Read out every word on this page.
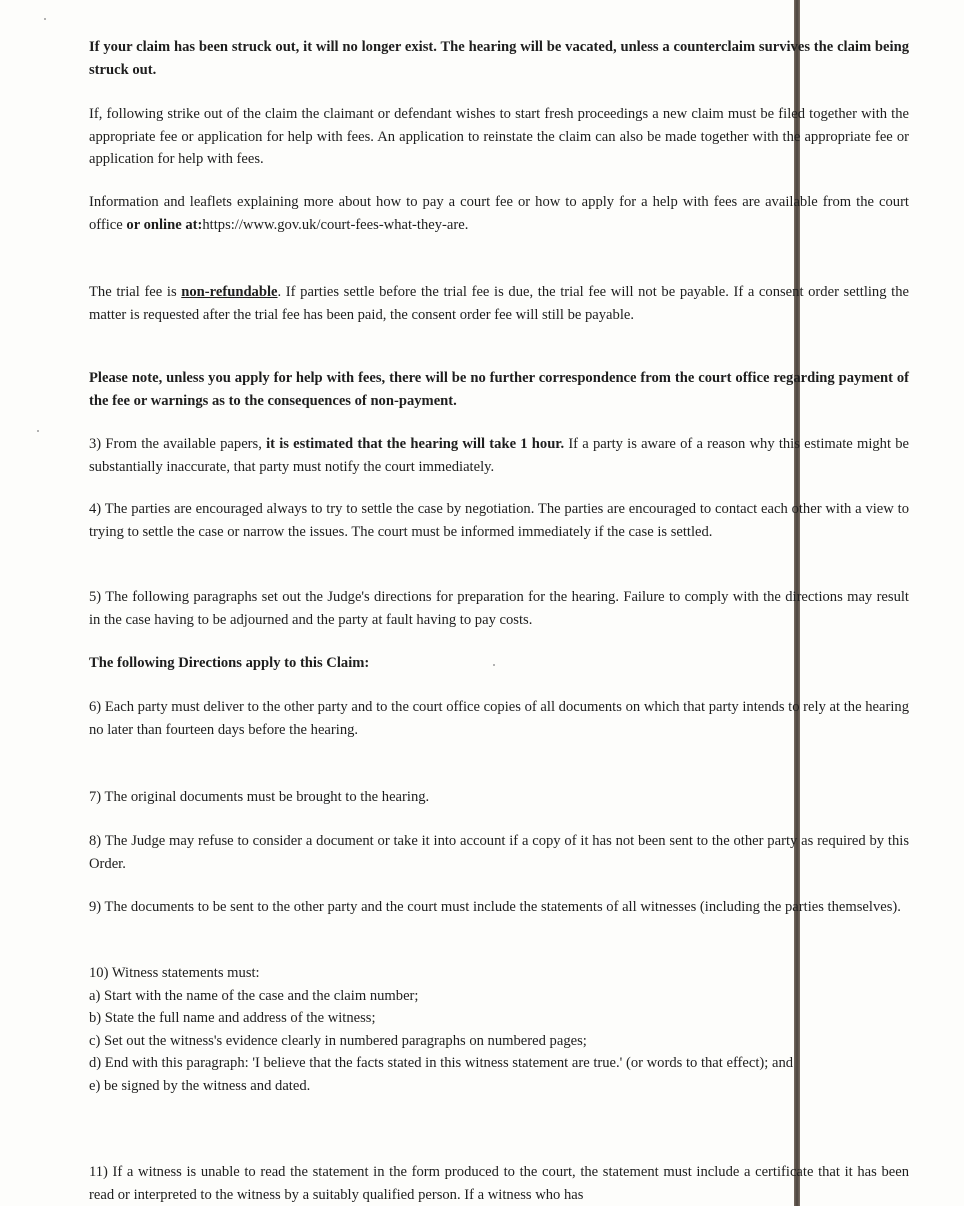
If your claim has been struck out, it will no longer exist. The hearing will be vacated, unless a counterclaim survives the claim being struck out.

If, following strike out of the claim the claimant or defendant wishes to start fresh proceedings a new claim must be filed together with the appropriate fee or application for help with fees. An application to reinstate the claim can also be made together with the appropriate fee or application for help with fees.

Information and leaflets explaining more about how to pay a court fee or how to apply for a help with fees are available from the court office or online at:https://www.gov.uk/court-fees-what-they-are.

The trial fee is non-refundable. If parties settle before the trial fee is due, the trial fee will not be payable. If a consent order settling the matter is requested after the trial fee has been paid, the consent order fee will still be payable.

Please note, unless you apply for help with fees, there will be no further correspondence from the court office regarding payment of the fee or warnings as to the consequences of non-payment.

3) From the available papers, it is estimated that the hearing will take 1 hour. If a party is aware of a reason why this estimate might be substantially inaccurate, that party must notify the court immediately.

4) The parties are encouraged always to try to settle the case by negotiation. The parties are encouraged to contact each other with a view to trying to settle the case or narrow the issues. The court must be informed immediately if the case is settled.

5) The following paragraphs set out the Judge's directions for preparation for the hearing. Failure to comply with the directions may result in the case having to be adjourned and the party at fault having to pay costs.

The following Directions apply to this Claim:

6) Each party must deliver to the other party and to the court office copies of all documents on which that party intends to rely at the hearing no later than fourteen days before the hearing.

7) The original documents must be brought to the hearing.

8) The Judge may refuse to consider a document or take it into account if a copy of it has not been sent to the other party as required by this Order.

9) The documents to be sent to the other party and the court must include the statements of all witnesses (including the parties themselves).

10) Witness statements must:

a) Start with the name of the case and the claim number;

b) State the full name and address of the witness;

c) Set out the witness's evidence clearly in numbered paragraphs on numbered pages;

d) End with this paragraph: 'I believe that the facts stated in this witness statement are true.' (or words to that effect); and

e) be signed by the witness and dated.

11) If a witness is unable to read the statement in the form produced to the court, the statement must include a certificate that it has been read or interpreted to the witness by a suitably qualified person. If a witness who has
